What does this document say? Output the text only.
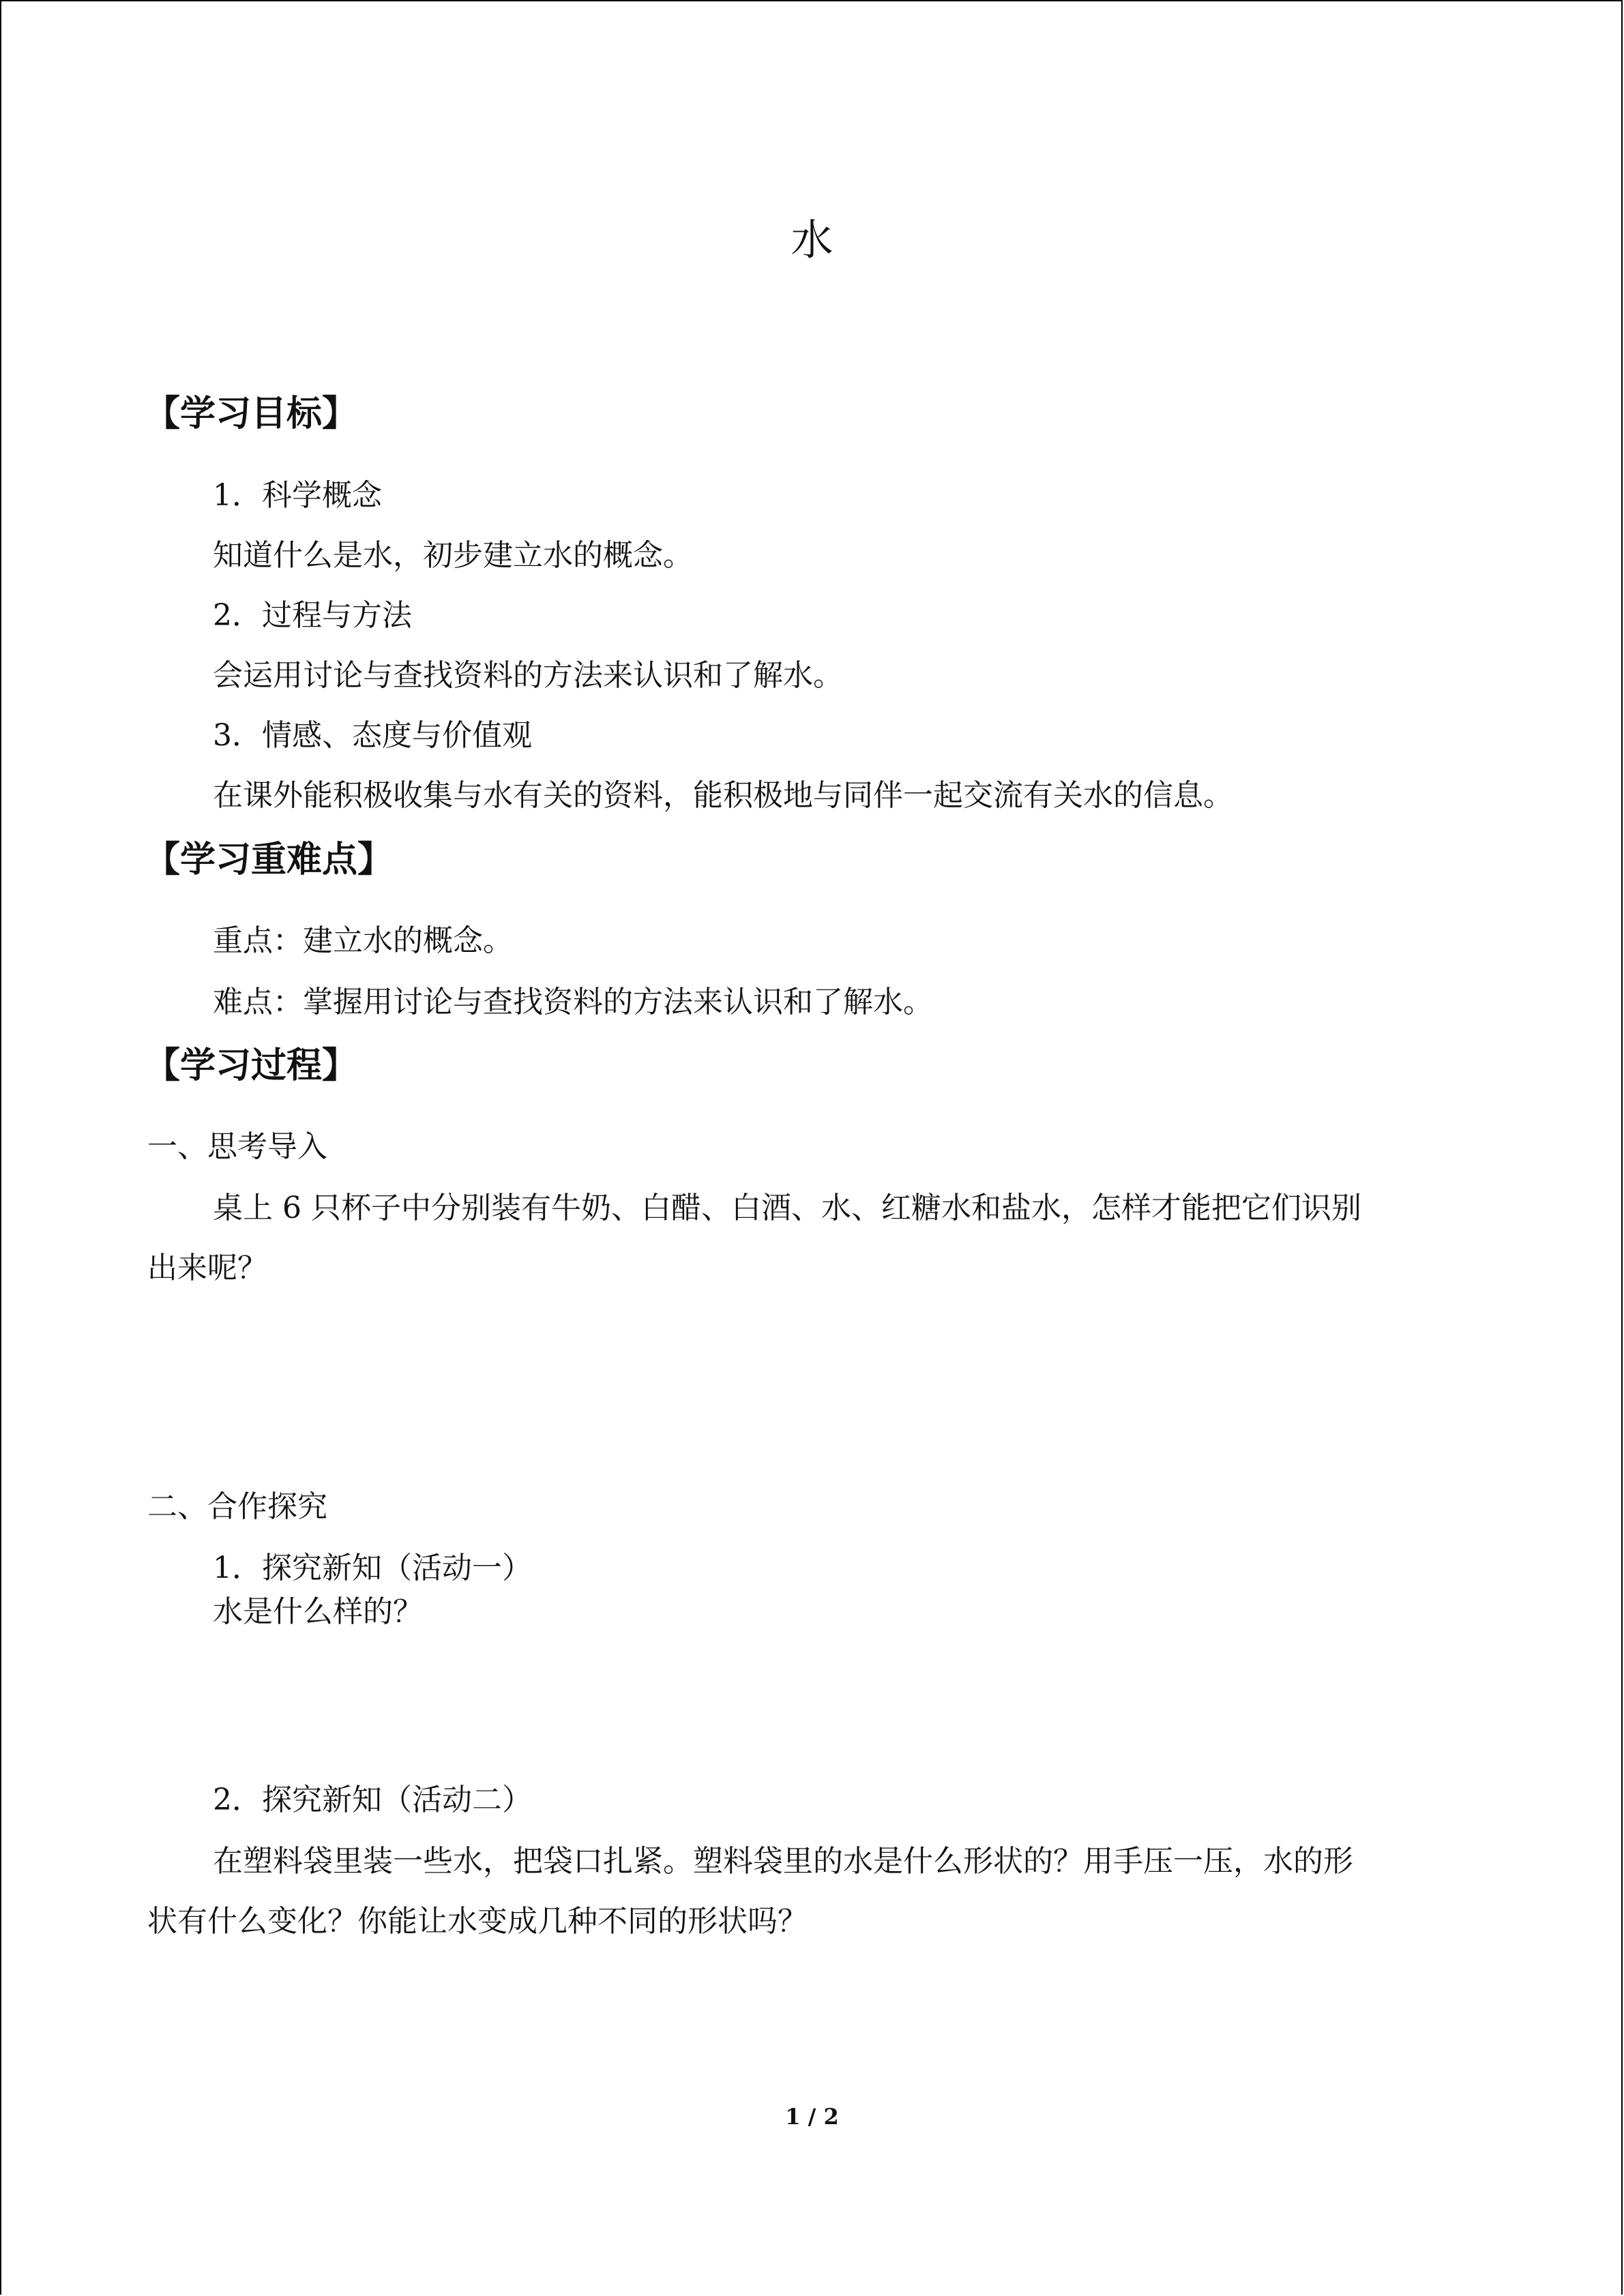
水
【学习目标】
1．科学概念
知道什么是水，初步建立水的概念。
2．过程与方法
会运用讨论与查找资料的方法来认识和了解水。
3．情感、态度与价值观
在课外能积极收集与水有关的资料，能积极地与同伴一起交流有关水的信息。
【学习重难点】
重点：建立水的概念。
难点：掌握用讨论与查找资料的方法来认识和了解水。
【学习过程】
一、思考导入
桌上 6 只杯子中分别装有牛奶、白醋、白酒、水、红糖水和盐水，怎样才能把它们识别
出来呢？
二、合作探究
1．探究新知（活动一）
水是什么样的？
2．探究新知（活动二）
在塑料袋里装一些水，把袋口扎紧。塑料袋里的水是什么形状的？用手压一压，水的形
状有什么变化？你能让水变成几种不同的形状吗？
1 / 2
